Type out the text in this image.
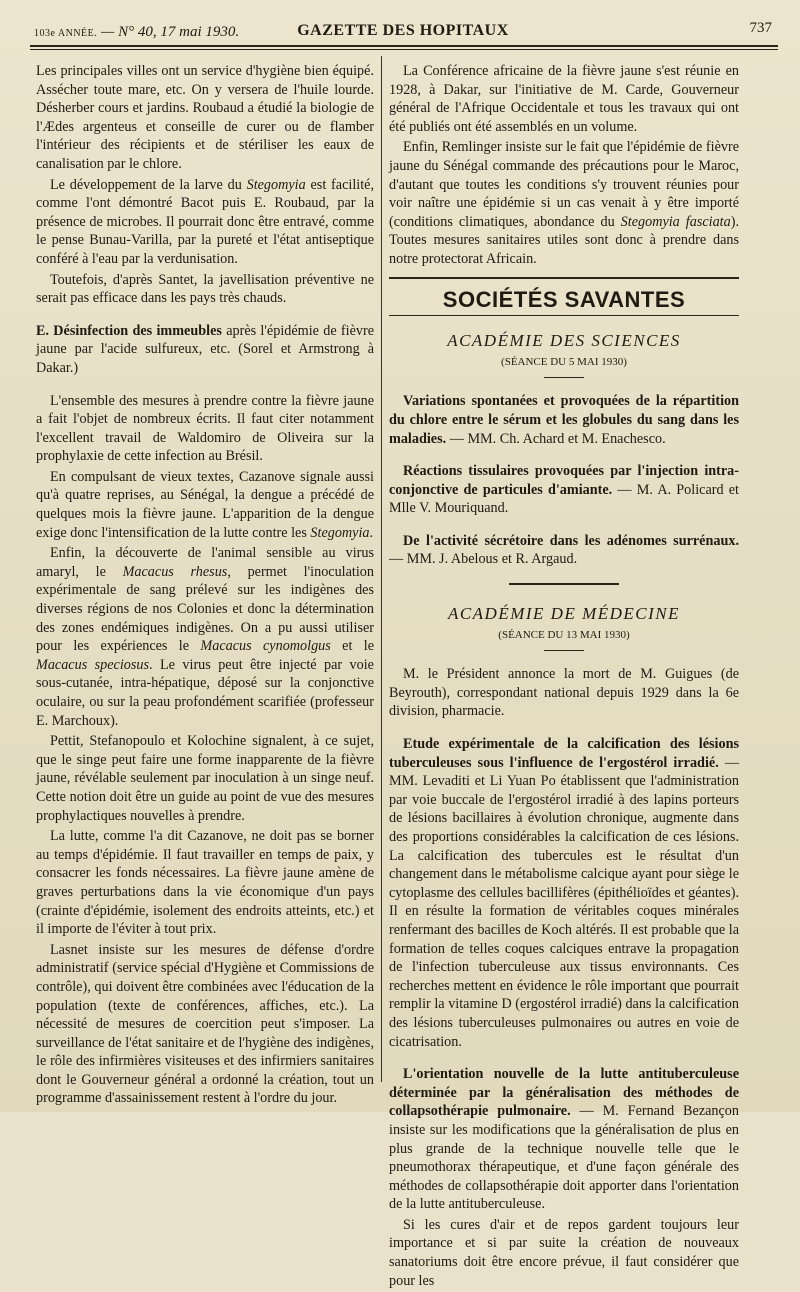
103e ANNÉE. — N° 40, 17 mai 1930.	GAZETTE DES HOPITAUX	737

Les principales villes ont un service d'hygiène bien équipé. Assécher toute mare, etc. On y versera de l'huile lourde. Désherber cours et jardins. Roubaud a étudié la biologie de l'Ædes argenteus et conseille de curer ou de flamber l'intérieur des récipients et de stériliser les eaux de canalisation par le chlore.

Le développement de la larve du Stegomyia est facilité, comme l'ont démontré Bacot puis E. Roubaud, par la présence de microbes. Il pourrait donc être entravé, comme le pense Bunau-Varilla, par la pureté et l'état antiseptique conféré à l'eau par la verdunisation.

Toutefois, d'après Santet, la javellisation préventive ne serait pas efficace dans les pays très chauds.

E. Désinfection des immeubles après l'épidémie de fièvre jaune par l'acide sulfureux, etc. (Sorel et Armstrong à Dakar.)

L'ensemble des mesures à prendre contre la fièvre jaune a fait l'objet de nombreux écrits. Il faut citer notamment l'excellent travail de Waldomiro de Oliveira sur la prophylaxie de cette infection au Brésil.

En compulsant de vieux textes, Cazanove signale aussi qu'à quatre reprises, au Sénégal, la dengue a précédé de quelques mois la fièvre jaune. L'apparition de la dengue exige donc l'intensification de la lutte contre les Stegomyia.

Enfin, la découverte de l'animal sensible au virus amaryl, le Macacus rhesus, permet l'inoculation expérimentale de sang prélevé sur les indigènes des diverses régions de nos Colonies et donc la détermination des zones endémiques indigènes. On a pu aussi utiliser pour les expériences le Macacus cynomolgus et le Macacus speciosus. Le virus peut être injecté par voie sous-cutanée, intra-hépatique, déposé sur la conjonctive oculaire, ou sur la peau profondément scarifiée (professeur E. Marchoux).

Pettit, Stefanopoulo et Kolochine signalent, à ce sujet, que le singe peut faire une forme inapparente de la fièvre jaune, révélable seulement par inoculation à un singe neuf. Cette notion doit être un guide au point de vue des mesures prophylactiques nouvelles à prendre.

La lutte, comme l'a dit Cazanove, ne doit pas se borner au temps d'épidémie. Il faut travailler en temps de paix, y consacrer les fonds nécessaires. La fièvre jaune amène de graves perturbations dans la vie économique d'un pays (crainte d'épidémie, isolement des endroits atteints, etc.) et il importe de l'éviter à tout prix.

Lasnet insiste sur les mesures de défense d'ordre administratif (service spécial d'Hygiène et Commissions de contrôle), qui doivent être combinées avec l'éducation de la population (texte de conférences, affiches, etc.). La nécessité de mesures de coercition peut s'imposer. La surveillance de l'état sanitaire et de l'hygiène des indigènes, le rôle des infirmières visiteuses et des infirmiers sanitaires dont le Gouverneur général a ordonné la création, tout un programme d'assainissement restent à l'ordre du jour.

La Conférence africaine de la fièvre jaune s'est réunie en 1928, à Dakar, sur l'initiative de M. Carde, Gouverneur général de l'Afrique Occidentale et tous les travaux qui ont été publiés ont été assemblés en un volume.

Enfin, Remlinger insiste sur le fait que l'épidémie de fièvre jaune du Sénégal commande des précautions pour le Maroc, d'autant que toutes les conditions s'y trouvent réunies pour voir naître une épidémie si un cas venait à y être importé (conditions climatiques, abondance du Stegomyia fasciata). Toutes mesures sanitaires utiles sont donc à prendre dans notre protectorat Africain.

SOCIÉTÉS SAVANTES
ACADÉMIE DES SCIENCES
(SÉANCE DU 5 MAI 1930)

Variations spontanées et provoquées de la répartition du chlore entre le sérum et les globules du sang dans les maladies. — MM. Ch. Achard et M. Enachesco.

Réactions tissulaires provoquées par l'injection intra-conjonctive de particules d'amiante. — M. A. Policard et Mlle V. Mouriquand.

De l'activité sécrétoire dans les adénomes surrénaux. — MM. J. Abelous et R. Argaud.

ACADÉMIE DE MÉDECINE
(SÉANCE DU 13 MAI 1930)

M. le Président annonce la mort de M. Guigues (de Beyrouth), correspondant national depuis 1929 dans la 6e division, pharmacie.

Etude expérimentale de la calcification des lésions tuberculeuses sous l'influence de l'ergostérol irradié. — MM. Levaditi et Li Yuan Po établissent que l'administration par voie buccale de l'ergostérol irradié à des lapins porteurs de lésions bacillaires à évolution chronique, augmente dans des proportions considérables la calcification de ces lésions. La calcification des tubercules est le résultat d'un changement dans le métabolisme calcique ayant pour siège le cytoplasme des cellules bacillifères (épithélioïdes et géantes). Il en résulte la formation de véritables coques minérales renfermant des bacilles de Koch altérés. Il est probable que la formation de telles coques calciques entrave la propagation de l'infection tuberculeuse aux tissus environnants. Ces recherches mettent en évidence le rôle important que pourrait remplir la vitamine D (ergostérol irradié) dans la calcification des lésions tuberculeuses pulmonaires ou autres en voie de cicatrisation.

L'orientation nouvelle de la lutte antituberculeuse déterminée par la généralisation des méthodes de collapsothérapie pulmonaire. — M. Fernand Bezançon insiste sur les modifications que la généralisation de plus en plus grande de la technique nouvelle telle que le pneumothorax thérapeutique, et d'une façon générale des méthodes de collapsothérapie doit apporter dans l'orientation de la lutte antituberculeuse.

Si les cures d'air et de repos gardent toujours leur importance et si par suite la création de nouveaux sanatoriums doit être encore prévue, il faut considérer que pour les
